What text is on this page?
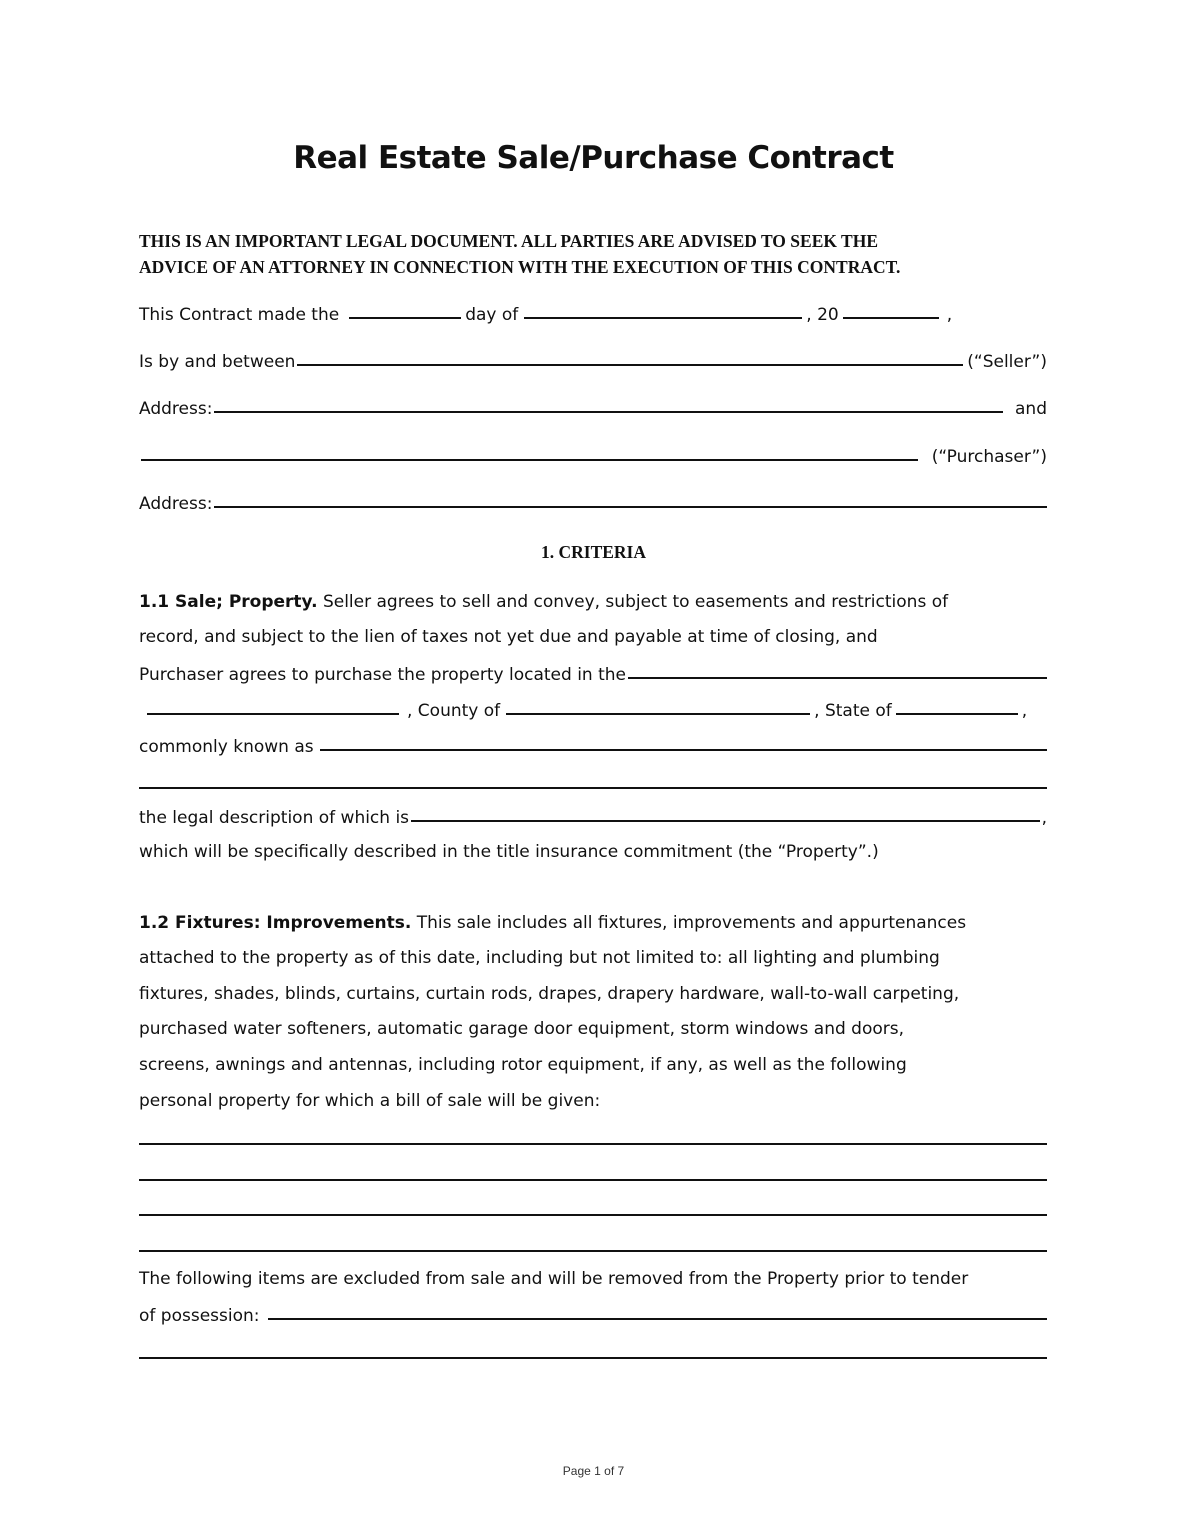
Real Estate Sale/Purchase Contract
THIS IS AN IMPORTANT LEGAL DOCUMENT. ALL PARTIES ARE ADVISED TO SEEK THE
ADVICE OF AN ATTORNEY IN CONNECTION WITH THE EXECUTION OF THIS CONTRACT.
This Contract made the	day of	, 20	,
Is by and between	(“Seller”)
Address:	and
(“Purchaser”)
Address:
1. CRITERIA
1.1 Sale; Property. Seller agrees to sell and convey, subject to easements and restrictions of
record, and subject to the lien of taxes not yet due and payable at time of closing, and
Purchaser agrees to purchase the property located in the
, County of	, State of	,
commonly known as
the legal description of which is	,
which will be specifically described in the title insurance commitment (the “Property”.)
1.2 Fixtures: Improvements. This sale includes all fixtures, improvements and appurtenances
attached to the property as of this date, including but not limited to: all lighting and plumbing
fixtures, shades, blinds, curtains, curtain rods, drapes, drapery hardware, wall-to-wall carpeting,
purchased water softeners, automatic garage door equipment, storm windows and doors,
screens, awnings and antennas, including rotor equipment, if any, as well as the following
personal property for which a bill of sale will be given:
The following items are excluded from sale and will be removed from the Property prior to tender
of possession:
Page 1 of 7
